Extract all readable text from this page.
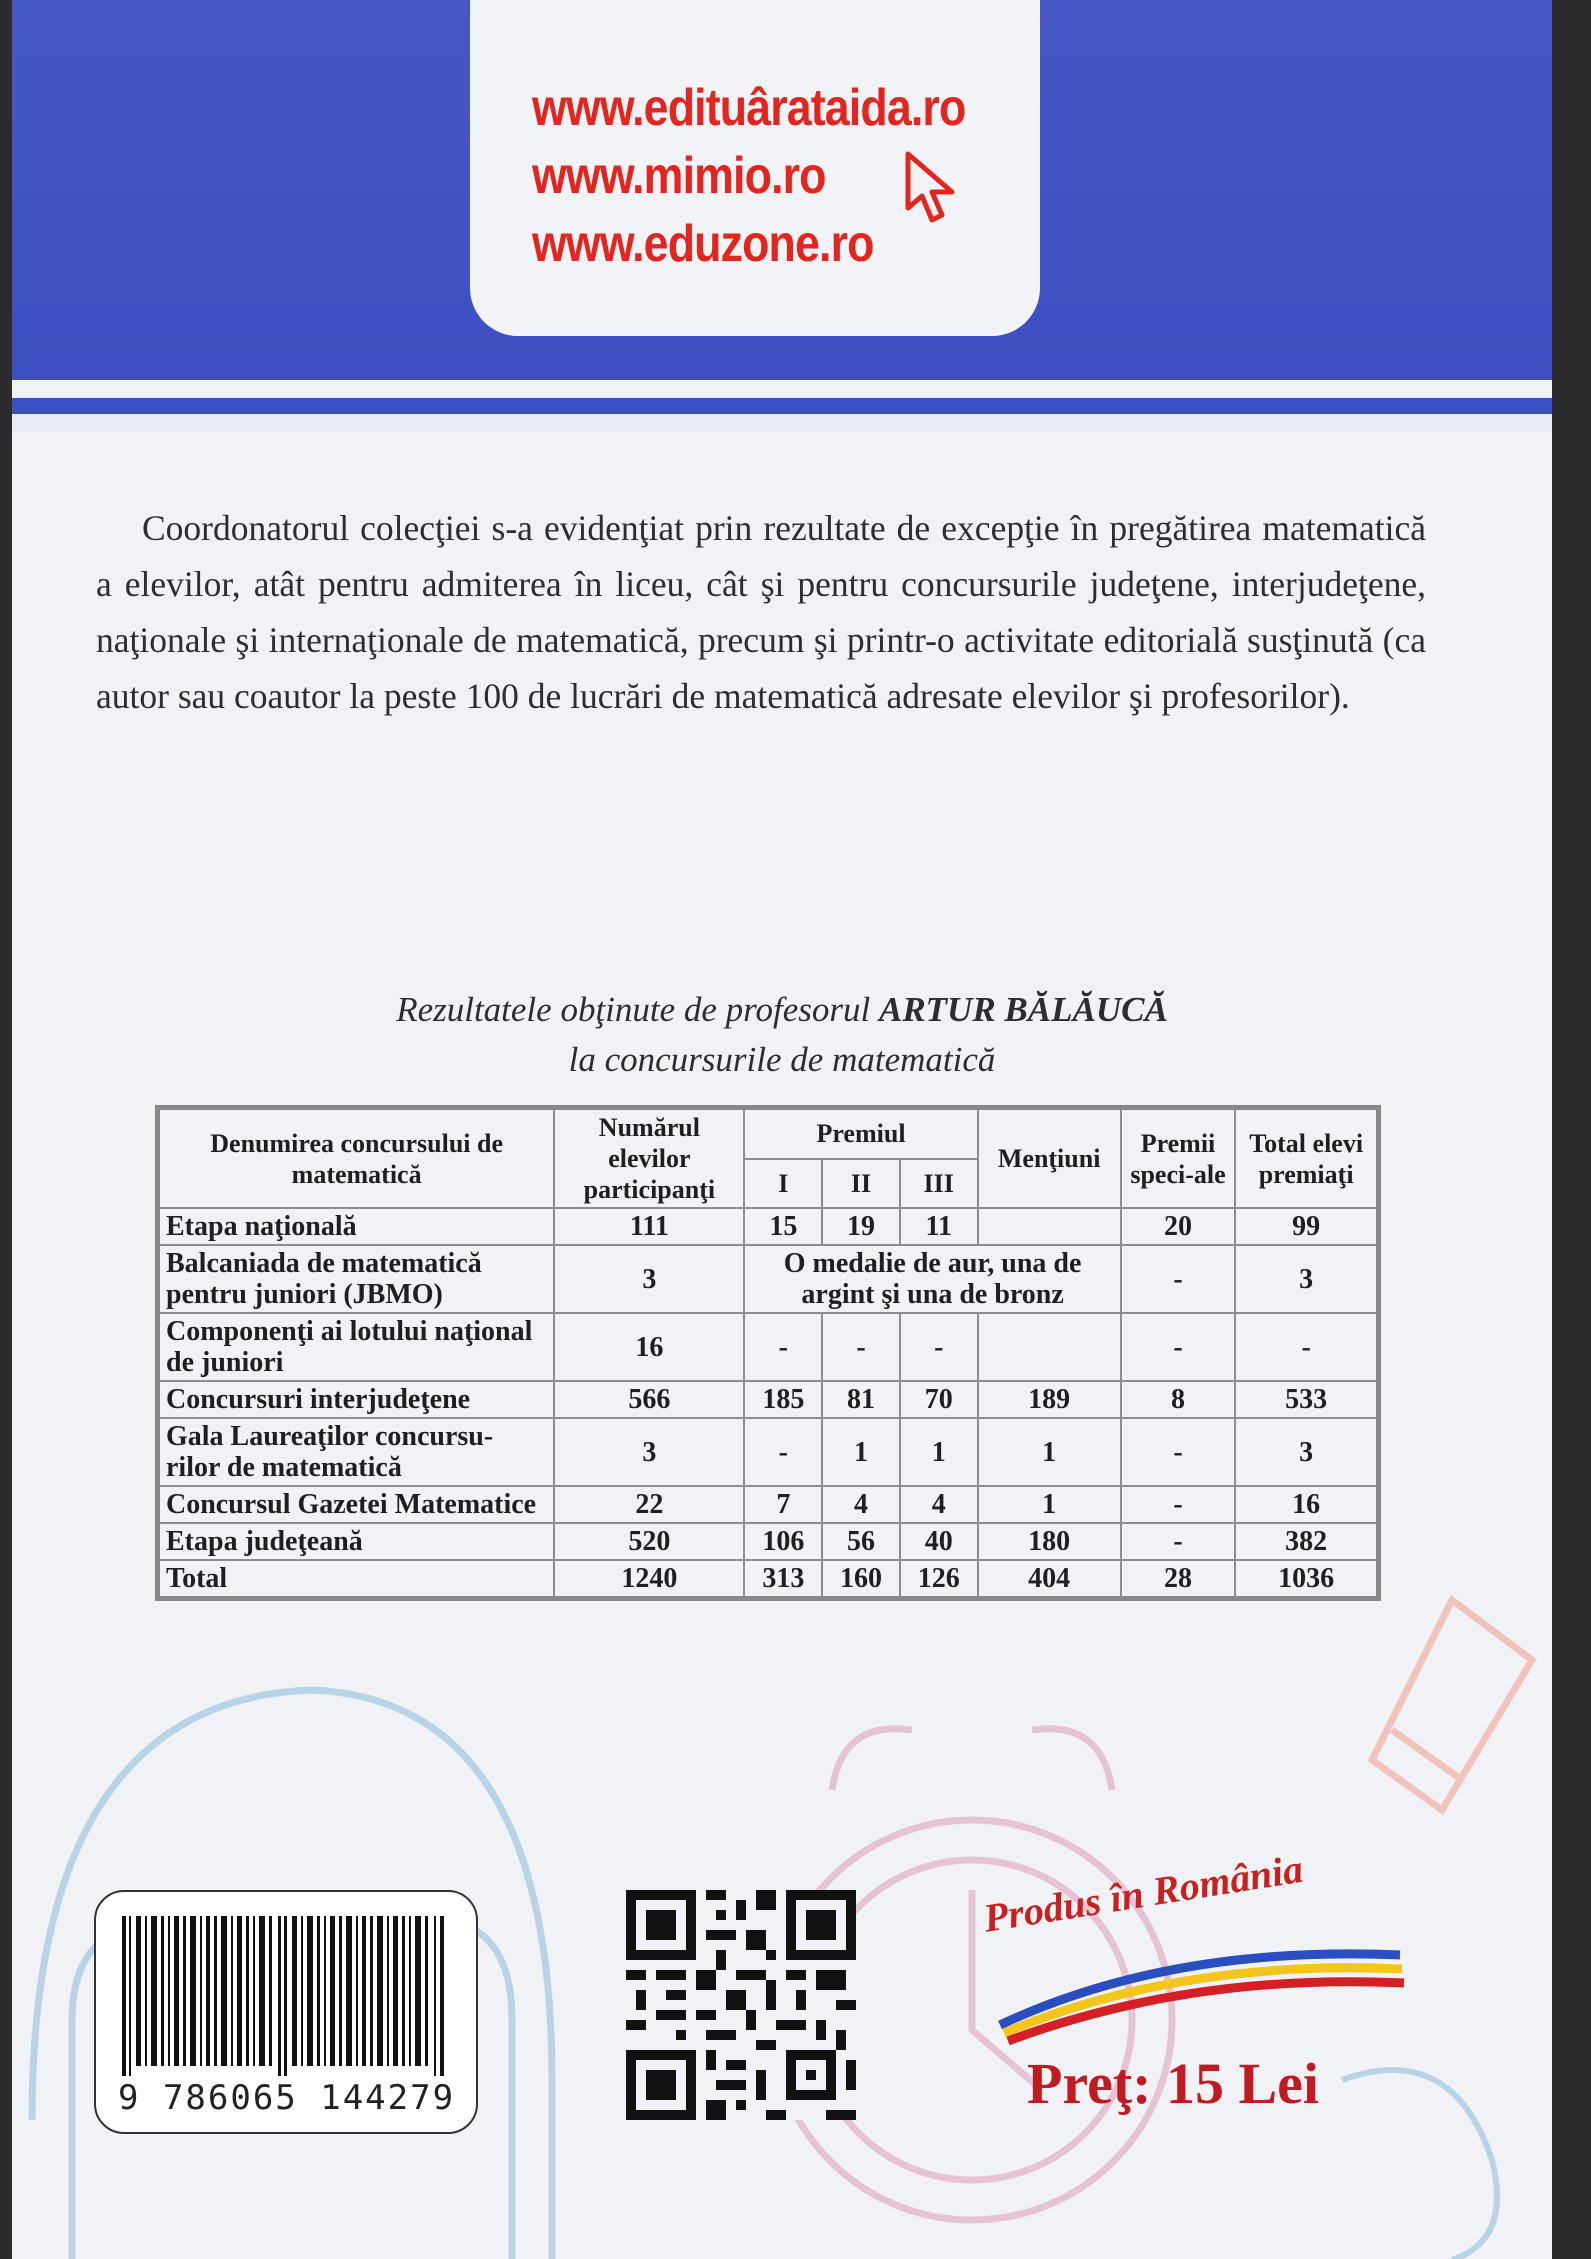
www.edituârataida.ro
www.mimio.ro
www.eduzone.ro
Coordonatorul colecţiei s-a evidenţiat prin rezultate de excepţie în pregătirea matematică a elevilor, atât pentru admiterea în liceu, cât şi pentru concursurile judeţene, interjudeţene, naţionale şi internaţionale de matematică, precum şi printr-o activitate editorială susţinută (ca autor sau coautor la peste 100 de lucrări de matematică adresate elevilor şi profesorilor).
Rezultatele obţinute de profesorul ARTUR BĂLĂUCĂ
la concursurile de matematică
Denumirea concursului de matematică	Numărul elevilor participanţi	Premiul			Menţiuni	Premii speci-ale	Total elevi premiaţi
		I	II	III			
Etapa naţională	111	15	19	11		20	99
Balcaniada de matematică pentru juniori (JBMO)	3	O medalie de aur, una de argint şi una de bronz				-	3
Componenţi ai lotului naţional de juniori	16	-	-	-		-	-
Concursuri interjudeţene	566	185	81	70	189	8	533
Gala Laureaţilor concursu-rilor de matematică	3	-	1	1	1	-	3
Concursul Gazetei Matematice	22	7	4	4	1	-	16
Etapa judeţeană	520	106	56	40	180	-	382
Total	1240	313	160	126	404	28	1036
9 786065 144279
Produs în România
Preţ: 15 Lei
